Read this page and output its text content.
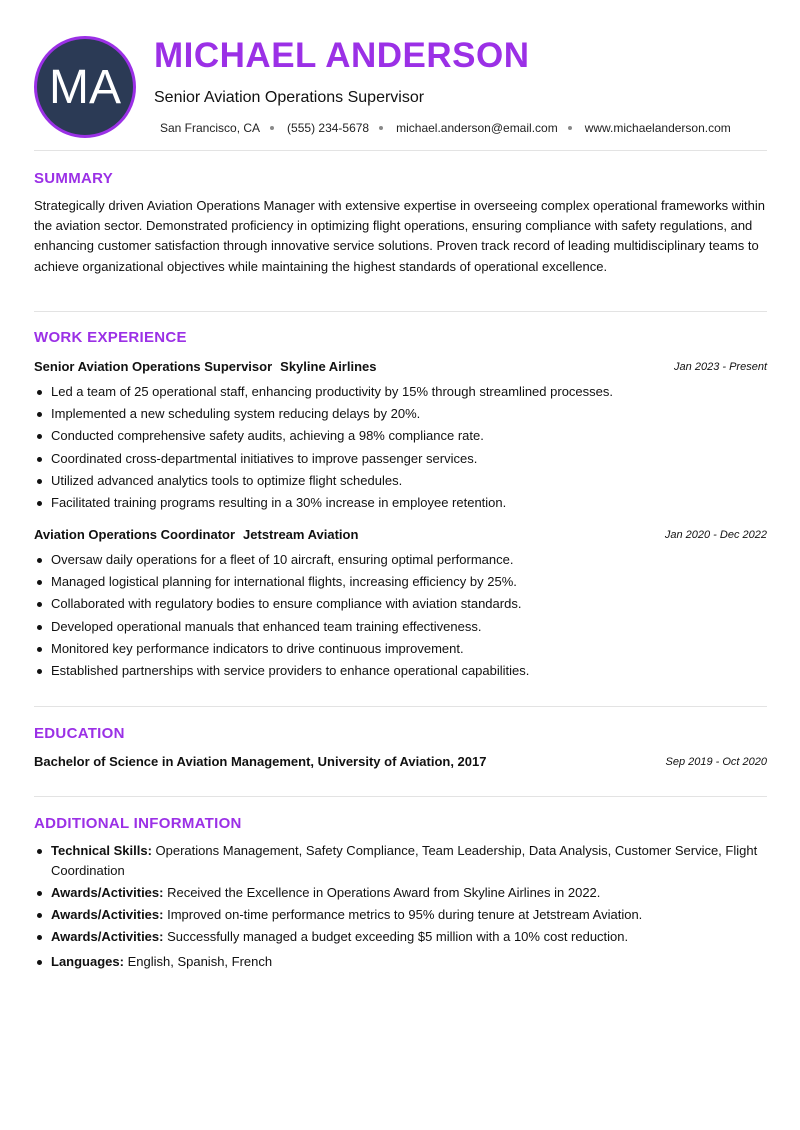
MA
MICHAEL ANDERSON
Senior Aviation Operations Supervisor
San Francisco, CA (555) 234-5678 michael.anderson@email.com www.michaelanderson.com
SUMMARY
Strategically driven Aviation Operations Manager with extensive expertise in overseeing complex operational frameworks within the aviation sector. Demonstrated proficiency in optimizing flight operations, ensuring compliance with safety regulations, and enhancing customer satisfaction through innovative service solutions. Proven track record of leading multidisciplinary teams to achieve organizational objectives while maintaining the highest standards of operational excellence.
WORK EXPERIENCE
Senior Aviation Operations Supervisor Skyline Airlines	Jan 2023 - Present
Led a team of 25 operational staff, enhancing productivity by 15% through streamlined processes.
Implemented a new scheduling system reducing delays by 20%.
Conducted comprehensive safety audits, achieving a 98% compliance rate.
Coordinated cross-departmental initiatives to improve passenger services.
Utilized advanced analytics tools to optimize flight schedules.
Facilitated training programs resulting in a 30% increase in employee retention.
Aviation Operations Coordinator Jetstream Aviation	Jan 2020 - Dec 2022
Oversaw daily operations for a fleet of 10 aircraft, ensuring optimal performance.
Managed logistical planning for international flights, increasing efficiency by 25%.
Collaborated with regulatory bodies to ensure compliance with aviation standards.
Developed operational manuals that enhanced team training effectiveness.
Monitored key performance indicators to drive continuous improvement.
Established partnerships with service providers to enhance operational capabilities.
EDUCATION
Bachelor of Science in Aviation Management, University of Aviation, 2017	Sep 2019 - Oct 2020
ADDITIONAL INFORMATION
Technical Skills: Operations Management, Safety Compliance, Team Leadership, Data Analysis, Customer Service, Flight Coordination
Awards/Activities: Received the Excellence in Operations Award from Skyline Airlines in 2022.
Awards/Activities: Improved on-time performance metrics to 95% during tenure at Jetstream Aviation.
Awards/Activities: Successfully managed a budget exceeding $5 million with a 10% cost reduction.
Languages: English, Spanish, French
